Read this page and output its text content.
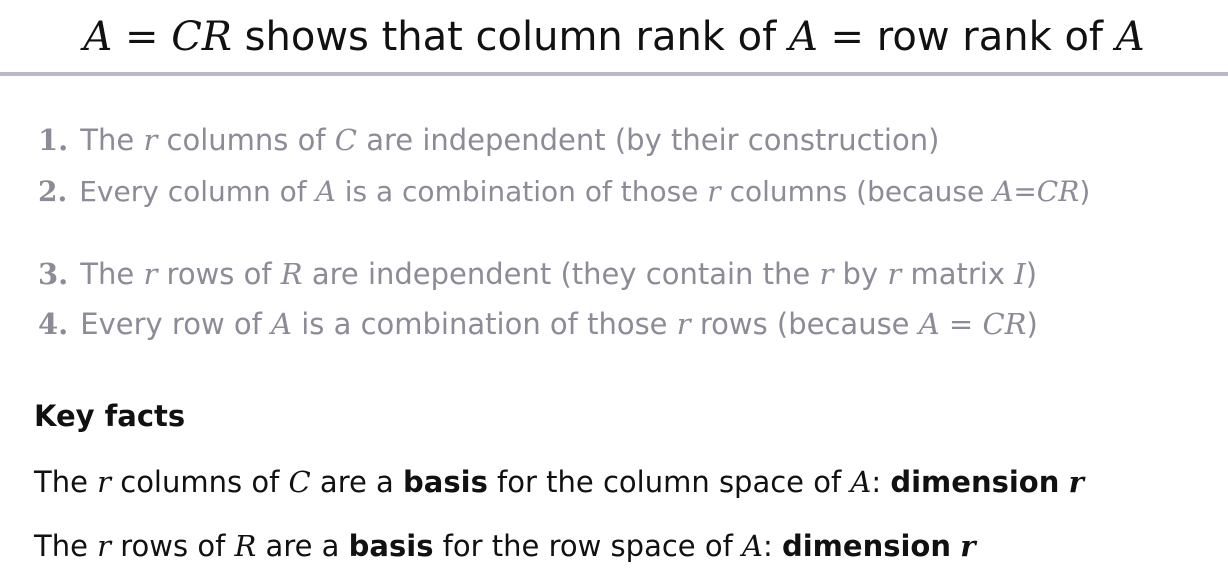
A = CR shows that column rank of A = row rank of A
1. The r columns of C are independent (by their construction)
2. Every column of A is a combination of those r columns (because A=CR)
3. The r rows of R are independent (they contain the r by r matrix I)
4. Every row of A is a combination of those r rows (because A = CR)
Key facts
The r columns of C are a basis for the column space of A: dimension r
The r rows of R are a basis for the row space of A: dimension r
